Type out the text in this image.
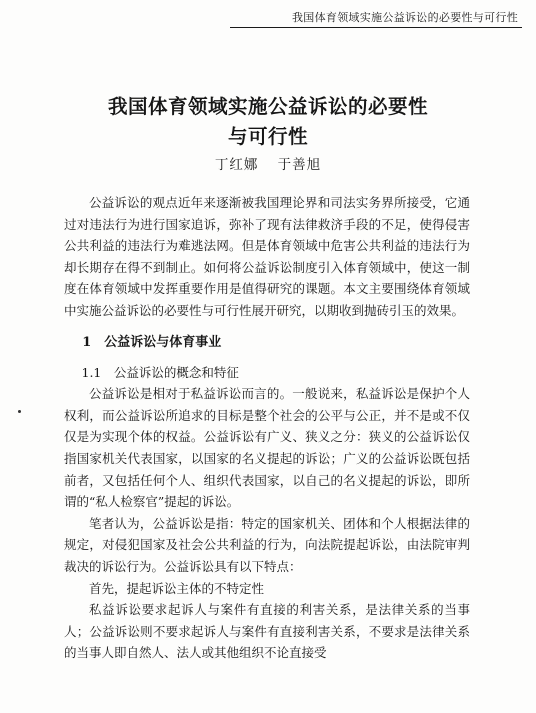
我国体育领域实施公益诉讼的必要性与可行性
我国体育领域实施公益诉讼的必要性
与可行性
丁红娜 于善旭

公益诉讼的观点近年来逐渐被我国理论界和司法实务界所接受，它通过对违法行为进行国家追诉，弥补了现有法律救济手段的不足，使得侵害公共利益的违法行为难逃法网。但是体育领域中危害公共利益的违法行为却长期存在得不到制止。如何将公益诉讼制度引入体育领域中，使这一制度在体育领域中发挥重要作用是值得研究的课题。本文主要围绕体育领域中实施公益诉讼的必要性与可行性展开研究，以期收到抛砖引玉的效果。

1　公益诉讼与体育事业
1.1　公益诉讼的概念和特征

公益诉讼是相对于私益诉讼而言的。一般说来，私益诉讼是保护个人权利，而公益诉讼所追求的目标是整个社会的公平与公正，并不是或不仅仅是为实现个体的权益。公益诉讼有广义、狭义之分：狭义的公益诉讼仅指国家机关代表国家，以国家的名义提起的诉讼；广义的公益诉讼既包括前者，又包括任何个人、组织代表国家，以自己的名义提起的诉讼，即所谓的“私人检察官”提起的诉讼。

笔者认为，公益诉讼是指：特定的国家机关、团体和个人根据法律的规定，对侵犯国家及社会公共利益的行为，向法院提起诉讼，由法院审判裁决的诉讼行为。公益诉讼具有以下特点：

首先，提起诉讼主体的不特定性

私益诉讼要求起诉人与案件有直接的利害关系，是法律关系的当事人；公益诉讼则不要求起诉人与案件有直接利害关系，不要求是法律关系的当事人即自然人、法人或其他组织不论直接受
